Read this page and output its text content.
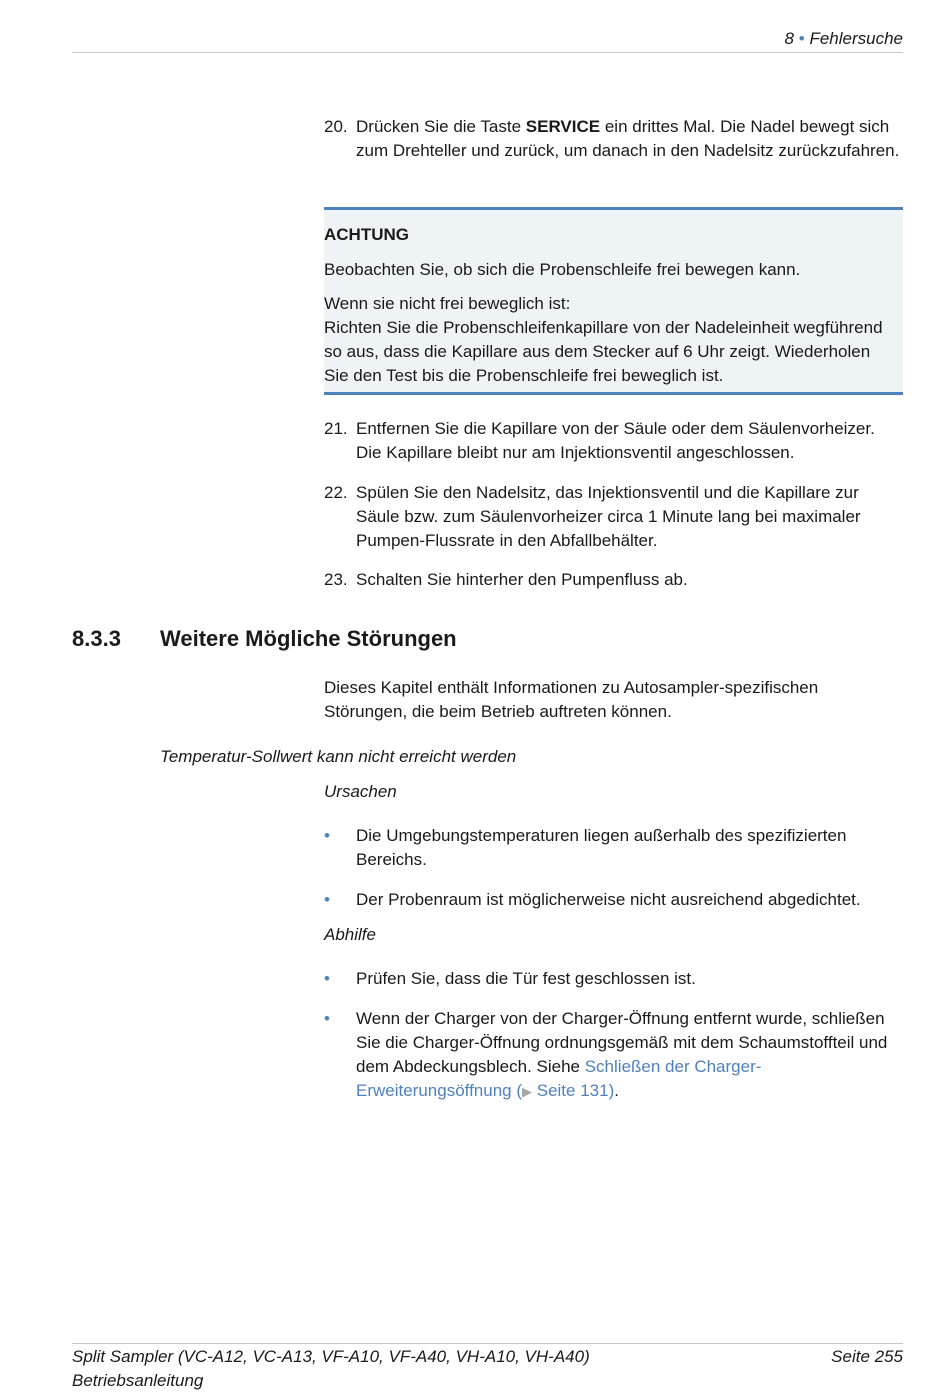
8 • Fehlersuche
20. Drücken Sie die Taste SERVICE ein drittes Mal. Die Nadel bewegt sich zum Drehteller und zurück, um danach in den Nadelsitz zurückzufahren.
ACHTUNG
Beobachten Sie, ob sich die Probenschleife frei bewegen kann.
Wenn sie nicht frei beweglich ist:
Richten Sie die Probenschleifenkapillare von der Nadeleinheit wegführend so aus, dass die Kapillare aus dem Stecker auf 6 Uhr zeigt. Wiederholen Sie den Test bis die Probenschleife frei beweglich ist.
21. Entfernen Sie die Kapillare von der Säule oder dem Säulenvorheizer. Die Kapillare bleibt nur am Injektionsventil angeschlossen.
22. Spülen Sie den Nadelsitz, das Injektionsventil und die Kapillare zur Säule bzw. zum Säulenvorheizer circa 1 Minute lang bei maximaler Pumpen-Flussrate in den Abfallbehälter.
23. Schalten Sie hinterher den Pumpenfluss ab.
8.3.3 Weitere Mögliche Störungen
Dieses Kapitel enthält Informationen zu Autosampler-spezifischen Störungen, die beim Betrieb auftreten können.
Temperatur-Sollwert kann nicht erreicht werden
Ursachen
• Die Umgebungstemperaturen liegen außerhalb des spezifizierten Bereichs.
• Der Probenraum ist möglicherweise nicht ausreichend abgedichtet.
Abhilfe
• Prüfen Sie, dass die Tür fest geschlossen ist.
• Wenn der Charger von der Charger-Öffnung entfernt wurde, schließen Sie die Charger-Öffnung ordnungsgemäß mit dem Schaumstoffteil und dem Abdeckungsblech. Siehe Schließen der Charger-Erweiterungsöffnung (▶ Seite 131).
Split Sampler (VC-A12, VC-A13, VF-A10, VF-A40, VH-A10, VH-A40)
Betriebsanleitung
Seite 255
